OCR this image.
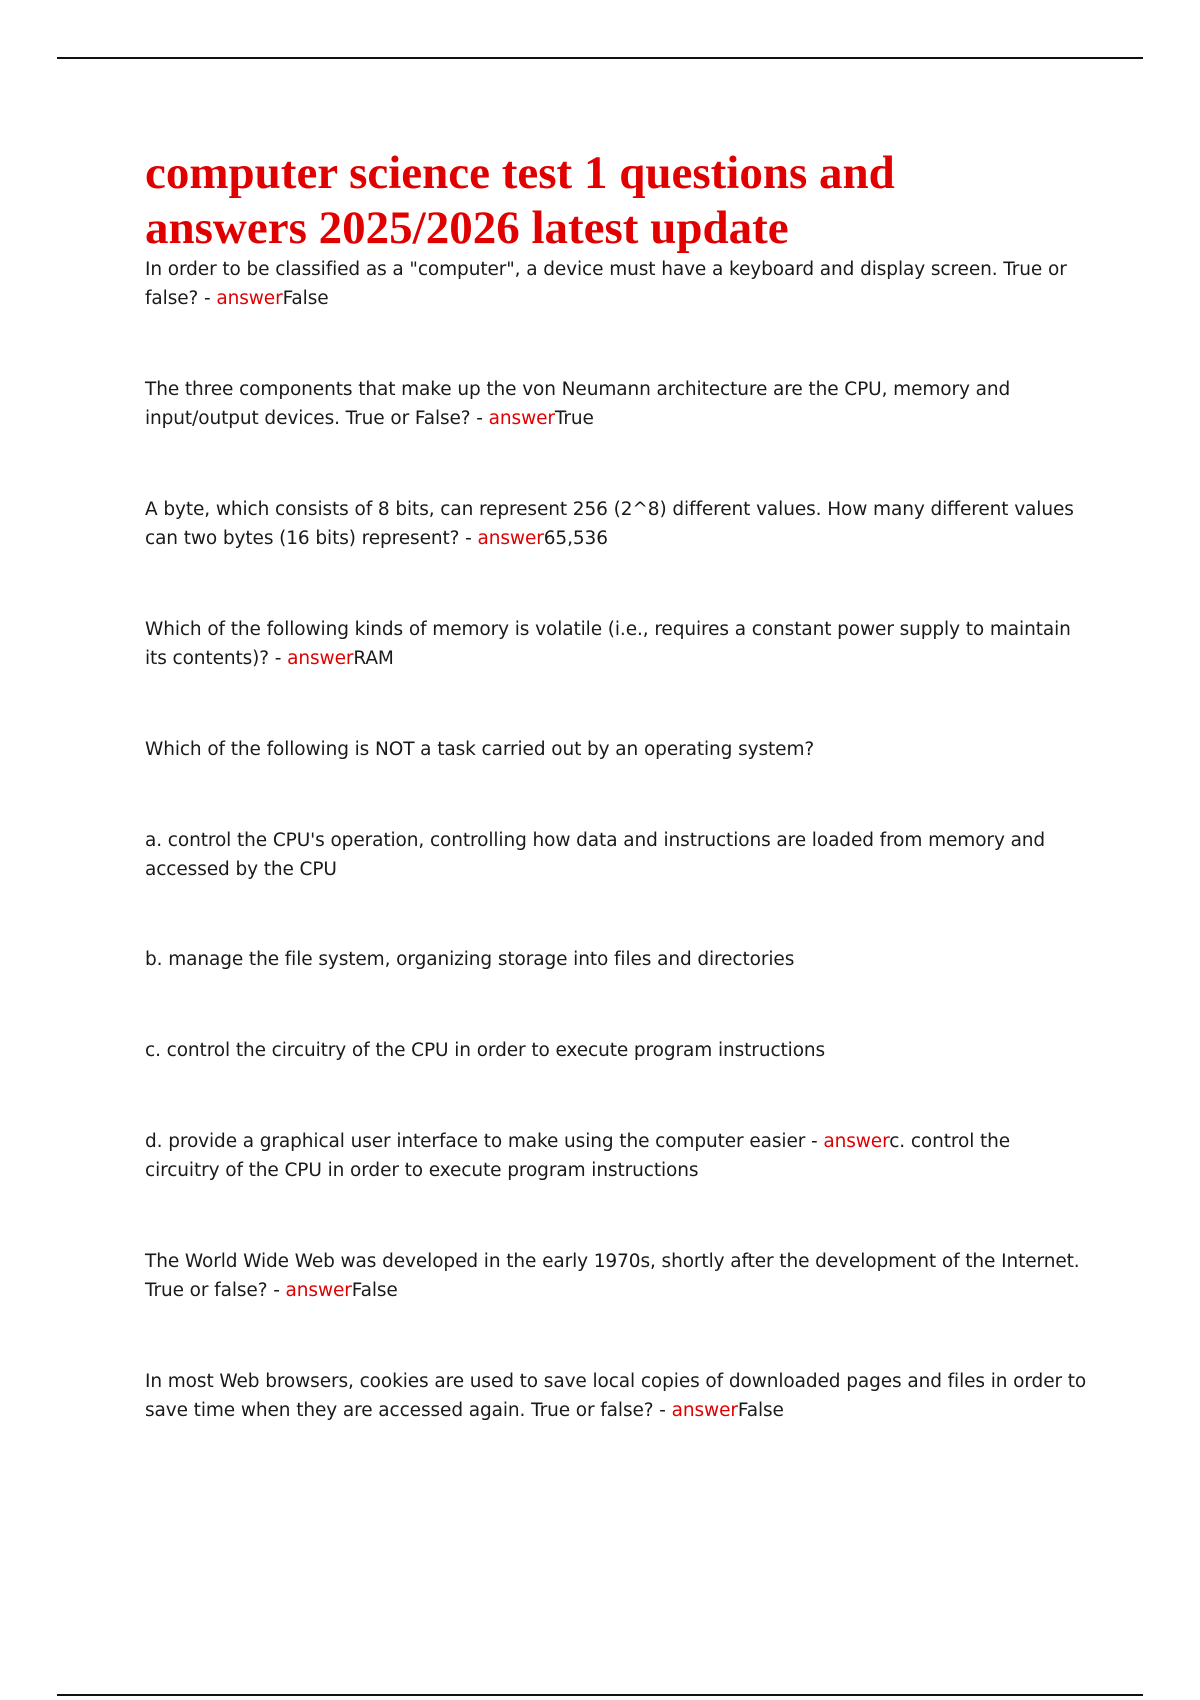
computer science test 1 questions and
answers 2025/2026 latest update

In order to be classified as a "computer", a device must have a keyboard and display screen. True or false? - answerFalse

The three components that make up the von Neumann architecture are the CPU, memory and input/output devices. True or False? - answerTrue

A byte, which consists of 8 bits, can represent 256 (2^8) different values. How many different values can two bytes (16 bits) represent? - answer65,536

Which of the following kinds of memory is volatile (i.e., requires a constant power supply to maintain its contents)? - answerRAM

Which of the following is NOT a task carried out by an operating system?

a. control the CPU's operation, controlling how data and instructions are loaded from memory and accessed by the CPU

b. manage the file system, organizing storage into files and directories

c. control the circuitry of the CPU in order to execute program instructions

d. provide a graphical user interface to make using the computer easier - answerc. control the circuitry of the CPU in order to execute program instructions

The World Wide Web was developed in the early 1970s, shortly after the development of the Internet. True or false? - answerFalse

In most Web browsers, cookies are used to save local copies of downloaded pages and files in order to save time when they are accessed again. True or false? - answerFalse
